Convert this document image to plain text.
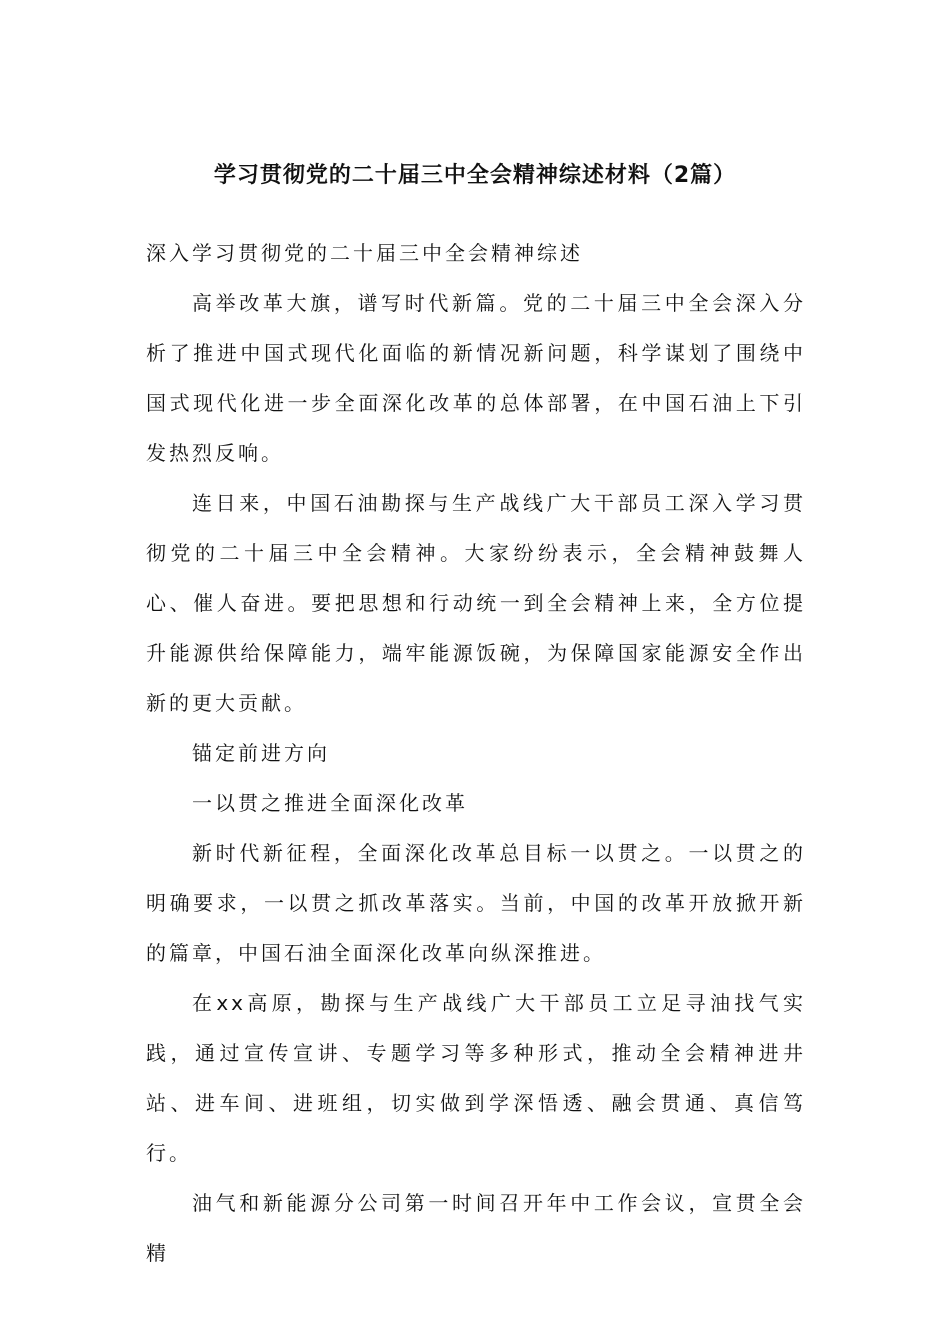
学习贯彻党的二十届三中全会精神综述材料（2篇）

深入学习贯彻党的二十届三中全会精神综述

高举改革大旗，谱写时代新篇。党的二十届三中全会深入分析了推进中国式现代化面临的新情况新问题，科学谋划了围绕中国式现代化进一步全面深化改革的总体部署，在中国石油上下引发热烈反响。

连日来，中国石油勘探与生产战线广大干部员工深入学习贯彻党的二十届三中全会精神。大家纷纷表示，全会精神鼓舞人心、催人奋进。要把思想和行动统一到全会精神上来，全方位提升能源供给保障能力，端牢能源饭碗，为保障国家能源安全作出新的更大贡献。

锚定前进方向

一以贯之推进全面深化改革

新时代新征程，全面深化改革总目标一以贯之。一以贯之的明确要求，一以贯之抓改革落实。当前，中国的改革开放掀开新的篇章，中国石油全面深化改革向纵深推进。

在xx高原，勘探与生产战线广大干部员工立足寻油找气实践，通过宣传宣讲、专题学习等多种形式，推动全会精神进井站、进车间、进班组，切实做到学深悟透、融会贯通、真信笃行。

油气和新能源分公司第一时间召开年中工作会议，宣贯全会精
